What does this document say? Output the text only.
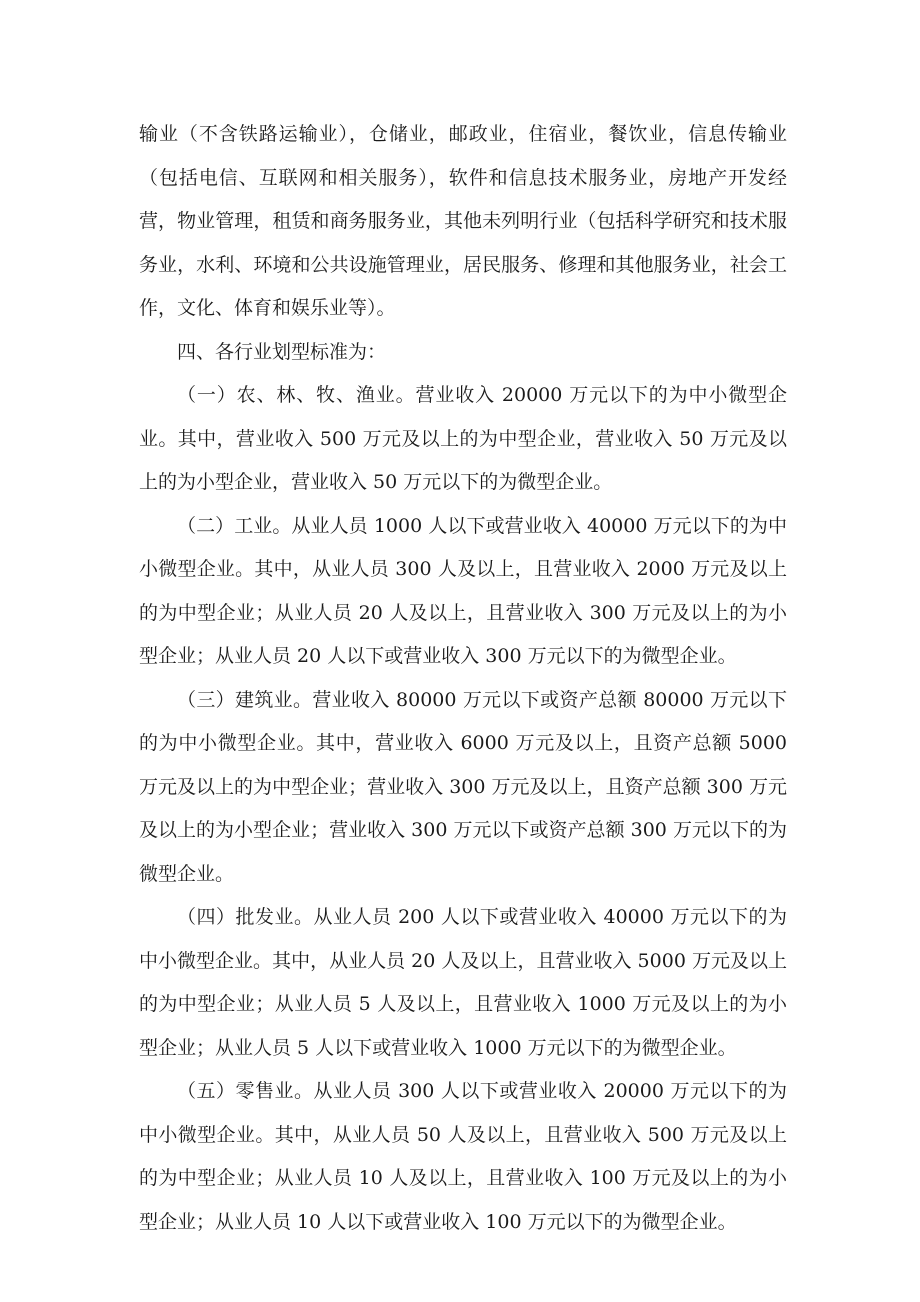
输业（不含铁路运输业），仓储业，邮政业，住宿业，餐饮业，信息传输业（包括电信、互联网和相关服务），软件和信息技术服务业，房地产开发经营，物业管理，租赁和商务服务业，其他未列明行业（包括科学研究和技术服务业，水利、环境和公共设施管理业，居民服务、修理和其他服务业，社会工作，文化、体育和娱乐业等）。

四、各行业划型标准为：

（一）农、林、牧、渔业。营业收入 20000 万元以下的为中小微型企业。其中，营业收入 500 万元及以上的为中型企业，营业收入 50 万元及以上的为小型企业，营业收入 50 万元以下的为微型企业。

（二）工业。从业人员 1000 人以下或营业收入 40000 万元以下的为中小微型企业。其中，从业人员 300 人及以上，且营业收入 2000 万元及以上的为中型企业；从业人员 20 人及以上，且营业收入 300 万元及以上的为小型企业；从业人员 20 人以下或营业收入 300 万元以下的为微型企业。

（三）建筑业。营业收入 80000 万元以下或资产总额 80000 万元以下的为中小微型企业。其中，营业收入 6000 万元及以上，且资产总额 5000 万元及以上的为中型企业；营业收入 300 万元及以上，且资产总额 300 万元及以上的为小型企业；营业收入 300 万元以下或资产总额 300 万元以下的为微型企业。

（四）批发业。从业人员 200 人以下或营业收入 40000 万元以下的为中小微型企业。其中，从业人员 20 人及以上，且营业收入 5000 万元及以上的为中型企业；从业人员 5 人及以上，且营业收入 1000 万元及以上的为小型企业；从业人员 5 人以下或营业收入 1000 万元以下的为微型企业。

（五）零售业。从业人员 300 人以下或营业收入 20000 万元以下的为中小微型企业。其中，从业人员 50 人及以上，且营业收入 500 万元及以上的为中型企业；从业人员 10 人及以上，且营业收入 100 万元及以上的为小型企业；从业人员 10 人以下或营业收入 100 万元以下的为微型企业。
